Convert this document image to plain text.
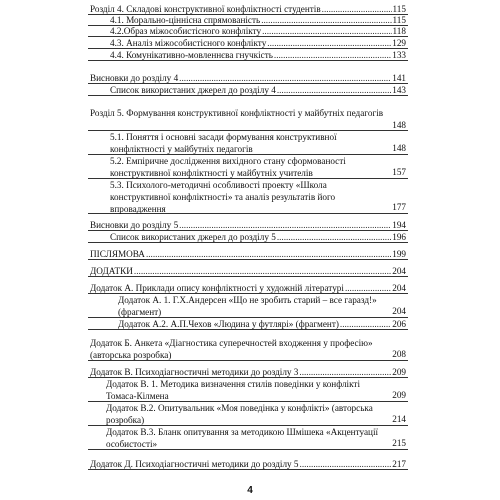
Розділ 4. Складові конструктивної конфліктності студентів .....	115
4.1. Морально-ціннісна спрямованість .....	115
4.2.Образ міжособистісного конфлікту .....	118
4.3. Аналіз міжособистісного конфлікту .....	129
4.4. Комунікативно-мовленнєва гнучкість .....	133
Висновки до розділу 4 .....	141
Список використаних джерел до розділу 4 .....	143
Розділ 5. Формування конструктивної конфліктності у майбутніх педагогів
148
5.1. Поняття і основні засади формування конструктивної конфліктності у майбутніх педагогів	148
5.2. Емпіричне дослідження вихідного стану сформованості конструктивної конфліктності у майбутніх учителів	157
5.3. Психолого-методичні особливості проекту «Школа конструктивної конфліктності» та аналіз результатів його впровадження	177
Висновки до розділу 5 .....	194
Список використаних джерел до розділу 5 .....	196
ПІСЛЯМОВА .....	199
ДОДАТКИ .....	204
Додаток А. Приклади опису конфліктності у художній літературі .....	204
Додаток А. 1. Г.Х.Андерсен «Що не зробить старий – все гаразд!» (фрагмент)	204
Додаток А.2. А.П.Чехов «Людина у футлярі» (фрагмент) .....	206
Додаток Б. Анкета «Діагностика суперечностей входження у професію» (авторська розробка)	208
Додаток В. Психодіагностичні методики до розділу 3 .....	209
Додаток В. 1. Методика визначення стилів поведінки у конфлікті Томаса-Кілмена	209
Додаток В.2. Опитувальник «Моя поведінка у конфлікті» (авторська розробка)	214
Додаток В.3. Бланк опитування за методикою Шмішека «Акцентуації особистості»	215
Додаток Д. Психодіагностичні методики до розділу 5 .....	217
4
